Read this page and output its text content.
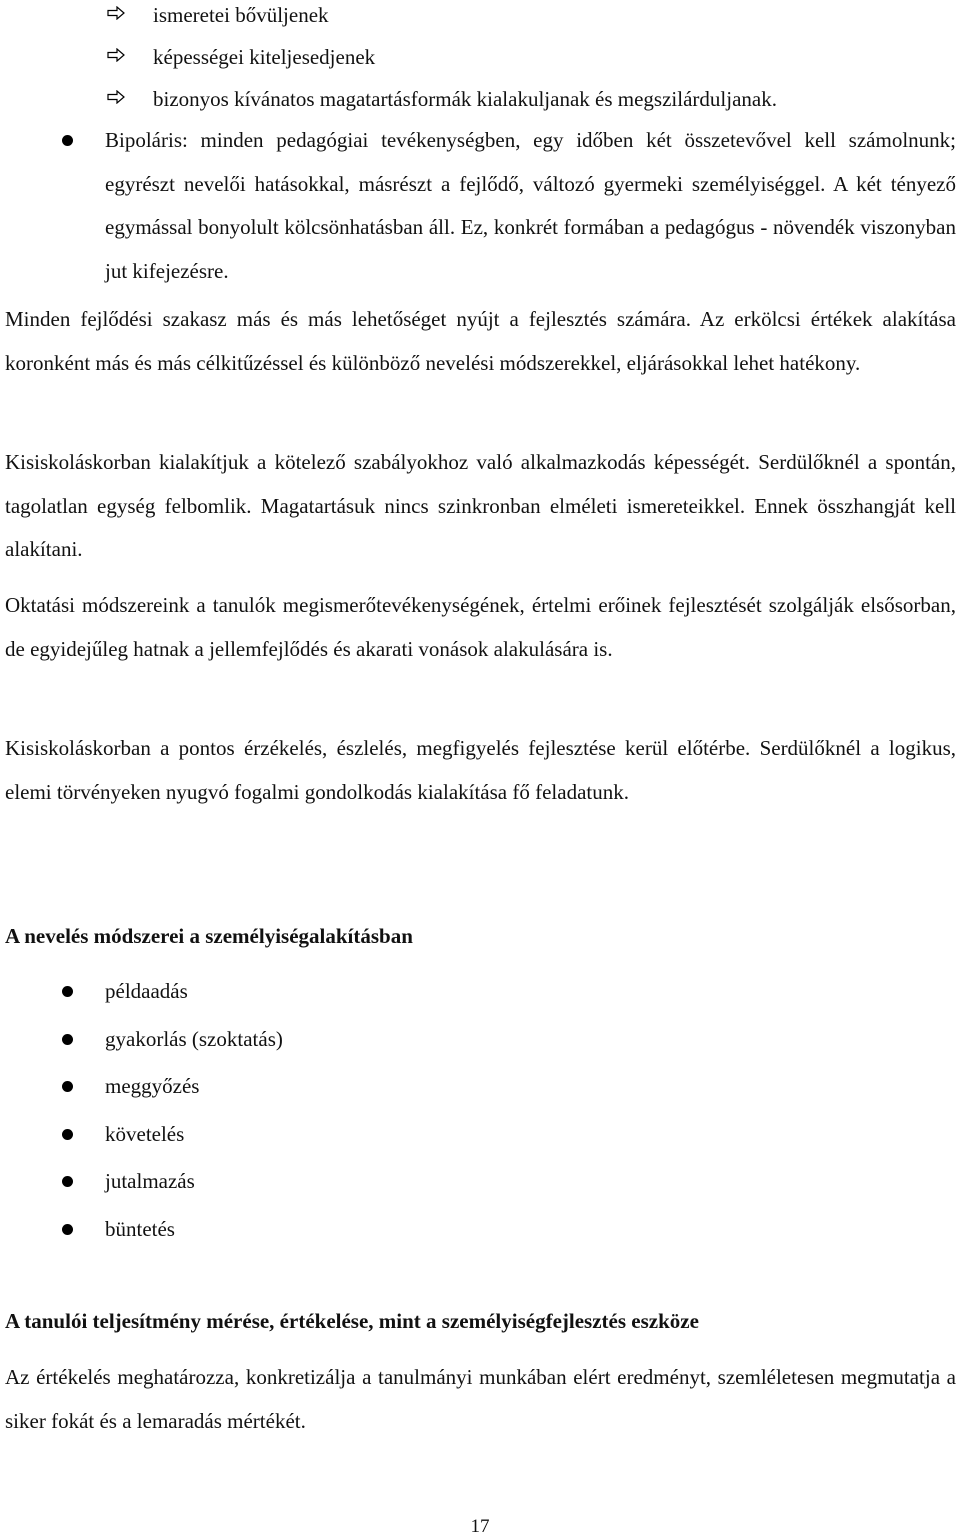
ismeretei bővüljenek
képességei kiteljesedjenek
bizonyos kívánatos magatartásformák kialakuljanak és megszilárduljanak.

Bipoláris: minden pedagógiai tevékenységben, egy időben két összetevővel kell számolnunk; egyrészt nevelői hatásokkal, másrészt a fejlődő, változó gyermeki személyiséggel. A két tényező egymással bonyolult kölcsönhatásban áll. Ez, konkrét formában a pedagógus - növendék viszonyban jut kifejezésre.

Minden fejlődési szakasz más és más lehetőséget nyújt a fejlesztés számára. Az erkölcsi értékek alakítása koronként más és más célkitűzéssel és különböző nevelési módszerekkel, eljárásokkal lehet hatékony.

Kisiskoláskorban kialakítjuk a kötelező szabályokhoz való alkalmazkodás képességét. Serdülőknél a spontán, tagolatlan egység felbomlik. Magatartásuk nincs szinkronban elméleti ismereteikkel. Ennek összhangját kell alakítani.

Oktatási módszereink a tanulók megismerőtevékenységének, értelmi erőinek fejlesztését szolgálják elsősorban, de egyidejűleg hatnak a jellemfejlődés és akarati vonások alakulására is.

Kisiskoláskorban a pontos érzékelés, észlelés, megfigyelés fejlesztése kerül előtérbe. Serdülőknél a logikus, elemi törvényeken nyugvó fogalmi gondolkodás kialakítása fő feladatunk.

A nevelés módszerei a személyiségalakításban
példaadás
gyakorlás (szoktatás)
meggyőzés
követelés
jutalmazás
büntetés
A tanulói teljesítmény mérése, értékelése, mint a személyiségfejlesztés eszköze

Az értékelés meghatározza, konkretizálja a tanulmányi munkában elért eredményt, szemléletesen megmutatja a siker fokát és a lemaradás mértékét.

17
